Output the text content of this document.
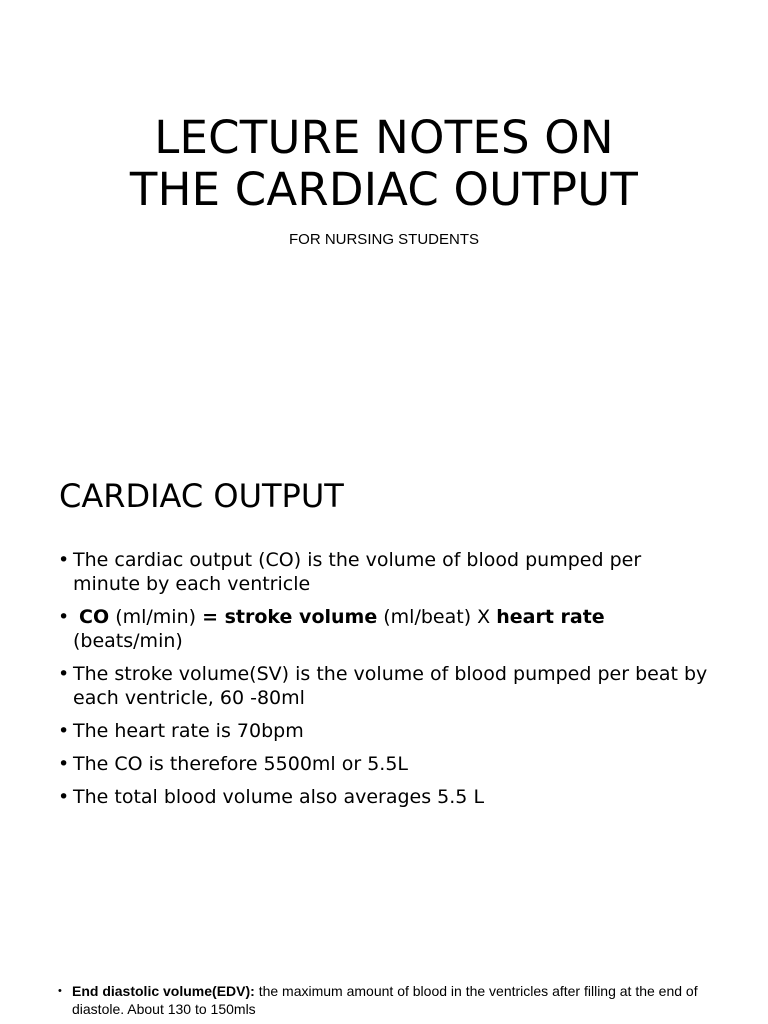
LECTURE NOTES ON
THE CARDIAC OUTPUT
FOR NURSING STUDENTS
CARDIAC OUTPUT
• The cardiac output (CO) is the volume of blood pumped per minute by each ventricle
• CO (ml/min) = stroke volume (ml/beat) X heart rate (beats/min)
• The stroke volume(SV) is the volume of blood pumped per beat by each ventricle, 60 -80ml
• The heart rate is 70bpm
• The CO is therefore 5500ml or 5.5L
• The total blood volume also averages 5.5 L
• End diastolic volume(EDV): the maximum amount of blood in the ventricles after filling at the end of diastole. About 130 to 150mls
